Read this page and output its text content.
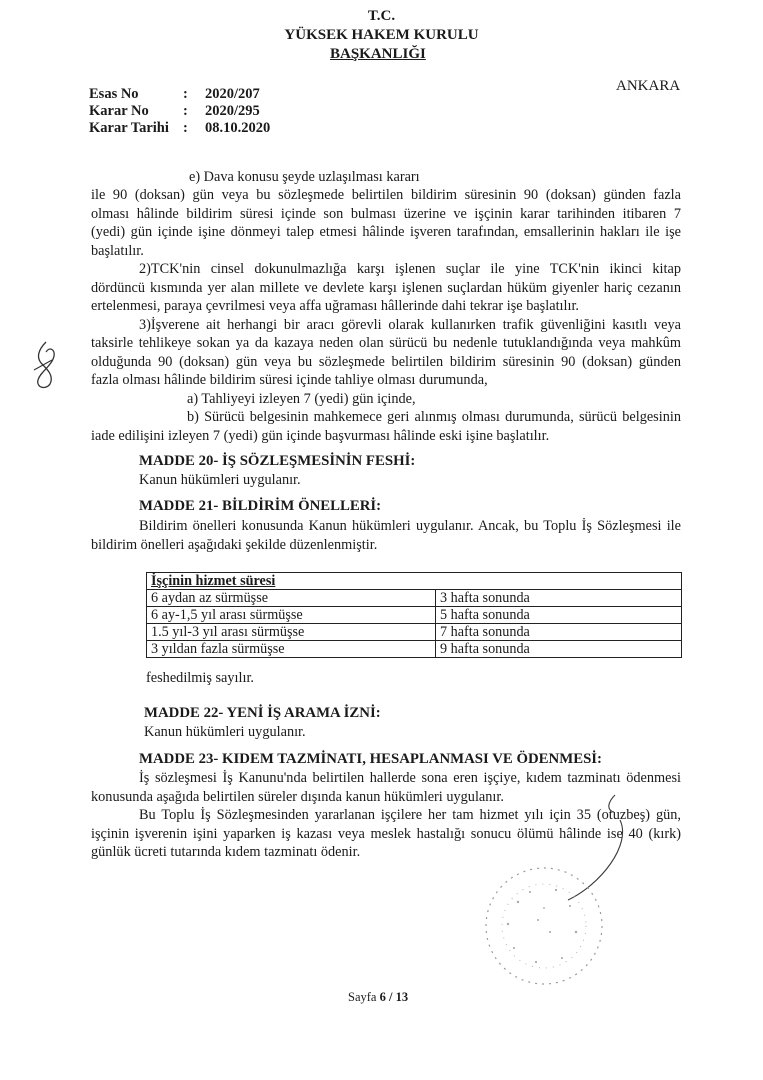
T.C.
YÜKSEK HAKEM KURULU
BAŞKANLIĞI
ANKARA
Esas No	: 2020/207
Karar No : 2020/295
Karar Tarihi : 08.10.2020
e) Dava konusu şeyde uzlaşılması kararı
ile 90 (doksan) gün veya bu sözleşmede belirtilen bildirim süresinin 90 (doksan) günden fazla
olması hâlinde bildirim süresi içinde son bulması üzerine ve işçinin karar tarihinden itibaren 7
(yedi) gün içinde işine dönmeyi talep etmesi hâlinde işveren tarafından, emsallerinin hakları ile işe
başlatılır.
2)TCK'nin cinsel dokunulmazlığa karşı işlenen suçlar ile yine TCK'nin ikinci kitap
dördüncü kısmında yer alan millete ve devlete karşı işlenen suçlardan hüküm giyenler hariç cezanın
ertelenmesi, paraya çevrilmesi veya affa uğraması hâllerinde dahi tekrar işe başlatılır.
3)İşverene ait herhangi bir aracı görevli olarak kullanırken trafik güvenliğini kasıtlı veya
taksirle tehlikeye sokan ya da kazaya neden olan sürücü bu nedenle tutuklandığında veya mahkûm
olduğunda 90 (doksan) gün veya bu sözleşmede belirtilen bildirim süresinin 90 (doksan) günden
fazla olması hâlinde bildirim süresi içinde tahliye olması durumunda,
a) Tahliyeyi izleyen 7 (yedi) gün içinde,
b) Sürücü belgesinin mahkemece geri alınmış olması durumunda, sürücü belgesinin
iade edilişini izleyen 7 (yedi) gün içinde başvurması hâlinde eski işine başlatılır.
MADDE 20- İŞ SÖZLEŞMESİNİN FESHİ:
Kanun hükümleri uygulanır.
MADDE 21- BİLDİRİM ÖNELLERİ:
Bildirim önelleri konusunda Kanun hükümleri uygulanır. Ancak, bu Toplu İş Sözleşmesi ile
bildirim önelleri aşağıdaki şekilde düzenlenmiştir.
İşçinin hizmet süresi	
6 aydan az sürmüşse	3 hafta sonunda
6 ay-1,5 yıl arası sürmüşse	5 hafta sonunda
1.5 yıl-3 yıl arası sürmüşse	7 hafta sonunda
3 yıldan fazla sürmüşse	9 hafta sonunda
feshedilmiş sayılır.
MADDE 22- YENİ İŞ ARAMA İZNİ:
Kanun hükümleri uygulanır.
MADDE 23- KIDEM TAZMİNATI, HESAPLANMASI VE ÖDENMESİ:
İş sözleşmesi İş Kanunu'nda belirtilen hallerde sona eren işçiye, kıdem tazminatı ödenmesi
konusunda aşağıda belirtilen süreler dışında kanun hükümleri uygulanır.
Bu Toplu İş Sözleşmesinden yararlanan işçilere her tam hizmet yılı için 35 (otuzbeş) gün,
işçinin işverenin işini yaparken iş kazası veya meslek hastalığı sonucu ölümü hâlinde ise 40 (kırk)
günlük ücreti tutarında kıdem tazminatı ödenir.
Sayfa 6 / 13
